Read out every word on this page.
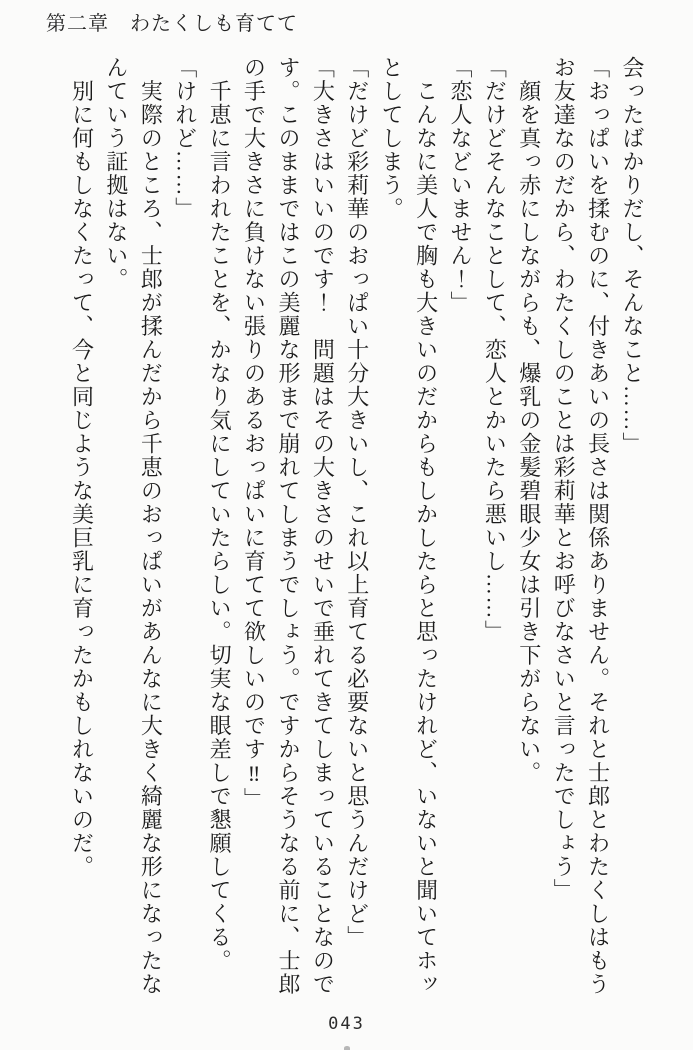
第二章　わたくしも育てて

会ったばかりだし、そんなこと……」

「おっぱいを揉むのに、付きあいの長さは関係ありません。それと士郎とわたくしはもう

お友達なのだから、わたくしのことは彩莉華とお呼びなさいと言ったでしょう」

　顔を真っ赤にしながらも、爆乳の金髪碧眼少女は引き下がらない。

「だけどそんなことして、恋人とかいたら悪いし……」

「恋人などいません！」

　こんなに美人で胸も大きいのだからもしかしたらと思ったけれど、いないと聞いてホッ

としてしまう。

「だけど彩莉華のおっぱい十分大きいし、これ以上育てる必要ないと思うんだけど」

「大きさはいいのです！　問題はその大きさのせいで垂れてきてしまっていることなので

す。このままではこの美麗な形まで崩れてしまうでしょう。ですからそうなる前に、士郎

の手で大きさに負けない張りのあるおっぱいに育てて欲しいのです‼」

　千恵に言われたことを、かなり気にしていたらしい。切実な眼差しで懇願してくる。

「けれど……」

　実際のところ、士郎が揉んだから千恵のおっぱいがあんなに大きく綺麗な形になったな

んていう証拠はない。

　別に何もしなくたって、今と同じような美巨乳に育ったかもしれないのだ。

043
